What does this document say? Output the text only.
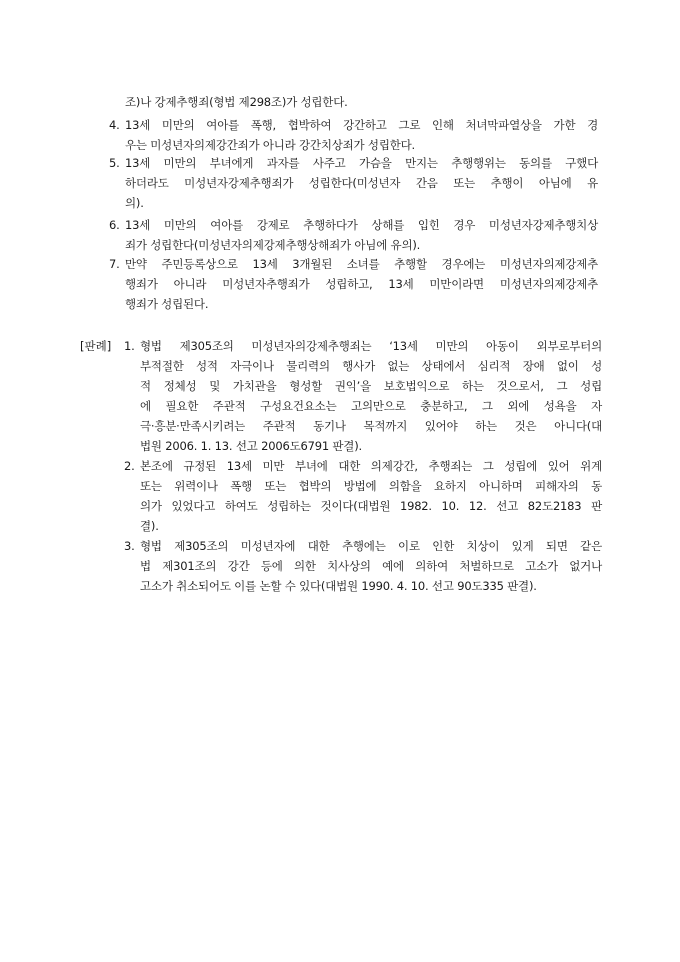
조)나 강제추행죄(형법 제298조)가 성립한다.
4. 13세 미만의 여아를 폭행, 협박하여 강간하고 그로 인해 처녀막파열상을 가한 경
우는 미성년자의제강간죄가 아니라 강간치상죄가 성립한다.
5. 13세 미만의 부녀에게 과자를 사주고 가슴을 만지는 추행행위는 동의를 구했다
하더라도 미성년자강제추행죄가 성립한다(미성년자 간음 또는 추행이 아님에 유
의).
6. 13세 미만의 여아를 강제로 추행하다가 상해를 입힌 경우 미성년자강제추행치상
죄가 성립한다(미성년자의제강제추행상해죄가 아님에 유의).
7. 만약 주민등록상으로 13세 3개월된 소녀를 추행할 경우에는 미성년자의제강제추
행죄가 아니라 미성년자추행죄가 성립하고, 13세 미만이라면 미성년자의제강제추
행죄가 성립된다.
[판례] 1. 형법 제305조의 미성년자의강제추행죄는 ‘13세 미만의 아동이 외부로부터의
부적절한 성적 자극이나 물리력의 행사가 없는 상태에서 심리적 장애 없이 성
적 정체성 및 가치관을 형성할 권익’을 보호법익으로 하는 것으로서, 그 성립
에 필요한 주관적 구성요건요소는 고의만으로 충분하고, 그 외에 성욕을 자
극·흥분·만족시키려는 주관적 동기나 목적까지 있어야 하는 것은 아니다(대
법원 2006. 1. 13. 선고 2006도6791 판결).
2. 본조에 규정된 13세 미만 부녀에 대한 의제강간, 추행죄는 그 성립에 있어 위계
또는 위력이나 폭행 또는 협박의 방법에 의함을 요하지 아니하며 피해자의 동
의가 있었다고 하여도 성립하는 것이다(대법원 1982. 10. 12. 선고 82도2183 판
결).
3. 형법 제305조의 미성년자에 대한 추행에는 이로 인한 치상이 있게 되면 같은
법 제301조의 강간 등에 의한 치사상의 예에 의하여 처벌하므로 고소가 없거나
고소가 취소되어도 이를 논할 수 있다(대법원 1990. 4. 10. 선고 90도335 판결).
